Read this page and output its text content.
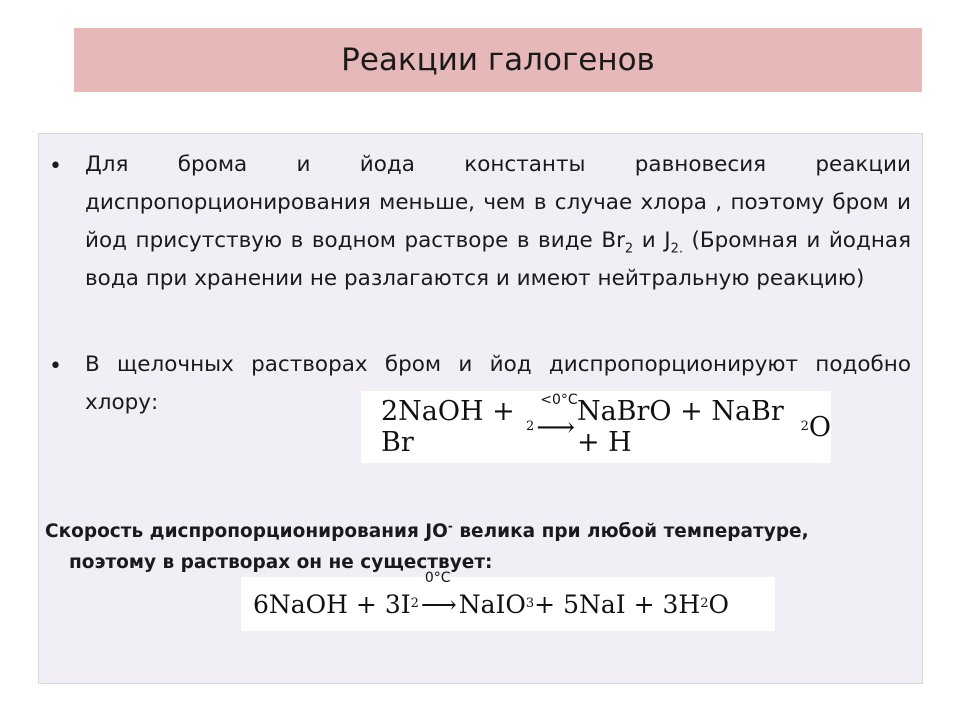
Реакции галогенов
• Для брома и йода константы равновесия реакции диспропорционирования меньше, чем в случае хлора , поэтому бром и йод присутствую в водном растворе в виде $Br_2$ и $J_{2.}$ (Бромная и йодная вода при хранении не разлагаются и имеют нейтральную реакцию)
• В щелочных растворах бром и йод диспропорционируют подобно хлору:	2NaOH + Br
2
<0°C
⟶ NaBrO + NaBr + H
2 O
Скорость диспропорционирования JO- велика при любой температуре,
поэтому в растворах он не существует:
6NaOH + 3I 2
0°C
⟶ NaIO 3 + 5NaI + 3H 2 O
